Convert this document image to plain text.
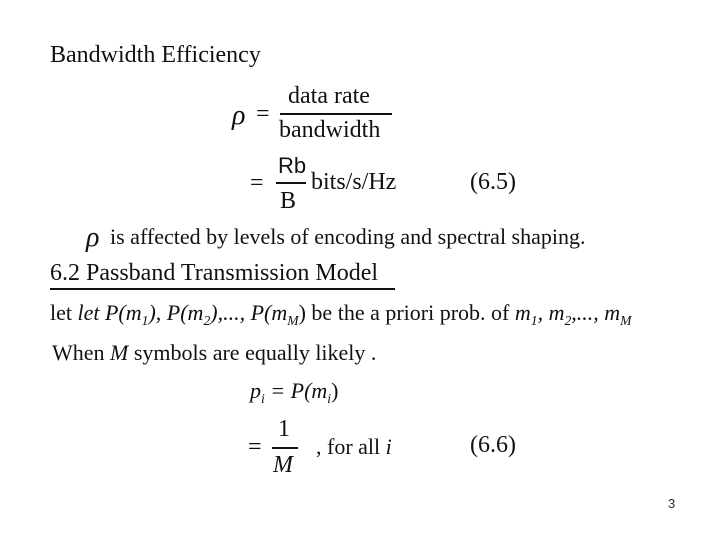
Bandwidth Efficiency
ρ =
data rate
bandwidth
=
Rb
B
bits/s/Hz	(6.5)
ρ is affected by levels of encoding and spectral shaping.
6.2 Passband Transmission Model
let let $P(m_1)$, $P(m_2)$,..., $P(m_M)$ be the a priori prob. of $m_1$, $m_2$,..., $m_M$
When M symbols are equally likely .
$p_i = P(m_i)$
=
1
M
, for all i	(6.6)
3
